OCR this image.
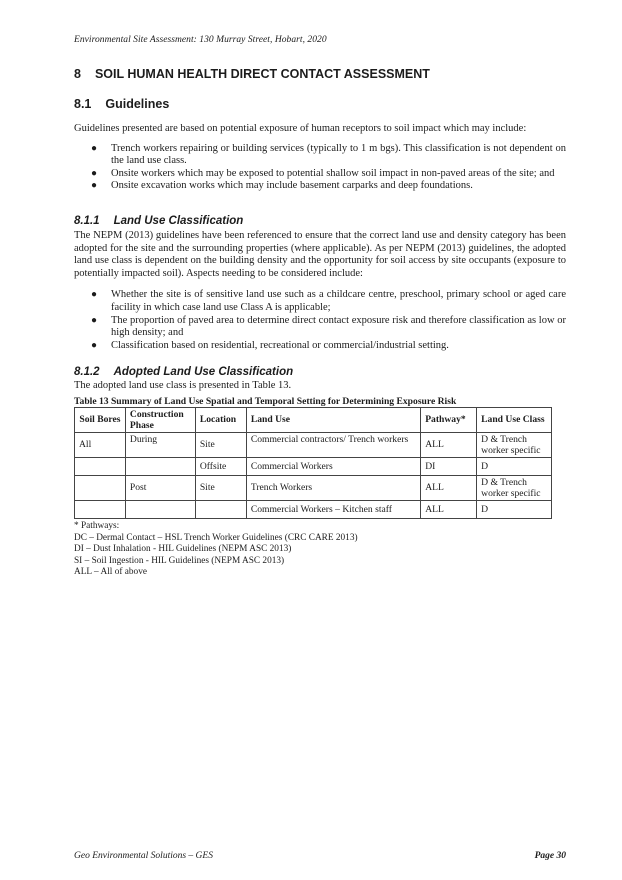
Environmental Site Assessment: 130 Murray Street, Hobart, 2020
8 SOIL HUMAN HEALTH DIRECT CONTACT ASSESSMENT
8.1 Guidelines

Guidelines presented are based on potential exposure of human receptors to soil impact which may include:

● Trench workers repairing or building services (typically to 1 m bgs). This classification is not dependent on the land use class.
● Onsite workers which may be exposed to potential shallow soil impact in non-paved areas of the site; and
● Onsite excavation works which may include basement carparks and deep foundations.
8.1.1 Land Use Classification

The NEPM (2013) guidelines have been referenced to ensure that the correct land use and density category has been adopted for the site and the surrounding properties (where applicable). As per NEPM (2013) guidelines, the adopted land use class is dependent on the building density and the opportunity for soil access by site occupants (exposure to potentially impacted soil). Aspects needing to be considered include:

● Whether the site is of sensitive land use such as a childcare centre, preschool, primary school or aged care facility in which case land use Class A is applicable;
● The proportion of paved area to determine direct contact exposure risk and therefore classification as low or high density; and
● Classification based on residential, recreational or commercial/industrial setting.
8.1.2 Adopted Land Use Classification

The adopted land use class is presented in Table 13.

Table 13 Summary of Land Use Spatial and Temporal Setting for Determining Exposure Risk
Soil Bores	Construction Phase	Location	Land Use	Pathway*	Land Use Class
All	During	Site	Commercial contractors/ Trench workers	ALL	D & Trench worker specific
		Offsite	Commercial Workers	DI	D
	Post	Site	Trench Workers	ALL	D & Trench worker specific
			Commercial Workers – Kitchen staff	ALL	D
* Pathways:
DC – Dermal Contact – HSL Trench Worker Guidelines (CRC CARE 2013)
DI – Dust Inhalation - HIL Guidelines (NEPM ASC 2013)
SI – Soil Ingestion - HIL Guidelines (NEPM ASC 2013)
ALL – All of above
Geo Environmental Solutions – GES	Page 30
